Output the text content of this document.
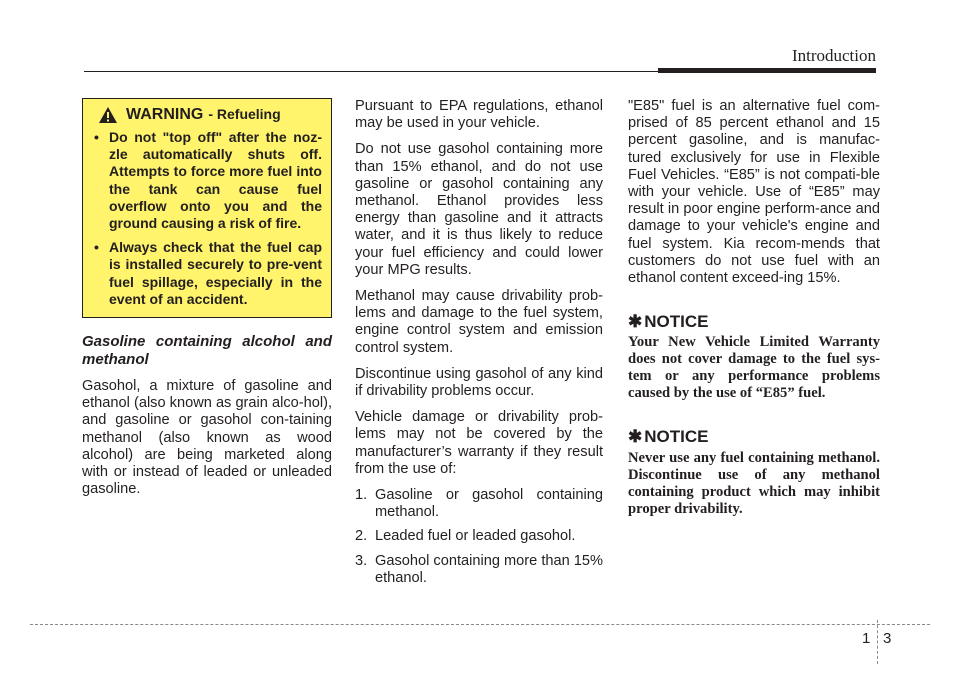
Introduction
WARNING - Refueling
• Do not "top off" after the noz-zle automatically shuts off. Attempts to force more fuel into the tank can cause fuel overflow onto you and the ground causing a risk of fire.
• Always check that the fuel cap is installed securely to pre-vent fuel spillage, especially in the event of an accident.

Gasoline containing alcohol and methanol

Gasohol, a mixture of gasoline and ethanol (also known as grain alco-hol), and gasoline or gasohol con-taining methanol (also known as wood alcohol) are being marketed along with or instead of leaded or unleaded gasoline.

Pursuant to EPA regulations, ethanol may be used in your vehicle.

Do not use gasohol containing more than 15% ethanol, and do not use gasoline or gasohol containing any methanol. Ethanol provides less energy than gasoline and it attracts water, and it is thus likely to reduce your fuel efficiency and could lower your MPG results.

Methanol may cause drivability prob-lems and damage to the fuel system, engine control system and emission control system.

Discontinue using gasohol of any kind if drivability problems occur.

Vehicle damage or drivability prob-lems may not be covered by the manufacturer’s warranty if they result from the use of:

1. Gasoline or gasohol containing methanol.
2. Leaded fuel or leaded gasohol.
3. Gasohol containing more than 15% ethanol.

"E85" fuel is an alternative fuel com-prised of 85 percent ethanol and 15 percent gasoline, and is manufac-tured exclusively for use in Flexible Fuel Vehicles. “E85” is not compati-ble with your vehicle. Use of “E85” may result in poor engine perform-ance and damage to your vehicle's engine and fuel system. Kia recom-mends that customers do not use fuel with an ethanol content exceed-ing 15%.

✱ NOTICE

Your New Vehicle Limited Warranty does not cover damage to the fuel sys-tem or any performance problems caused by the use of “E85” fuel.

✱ NOTICE

Never use any fuel containing methanol. Discontinue use of any methanol containing product which may inhibit proper drivability.

1 3
